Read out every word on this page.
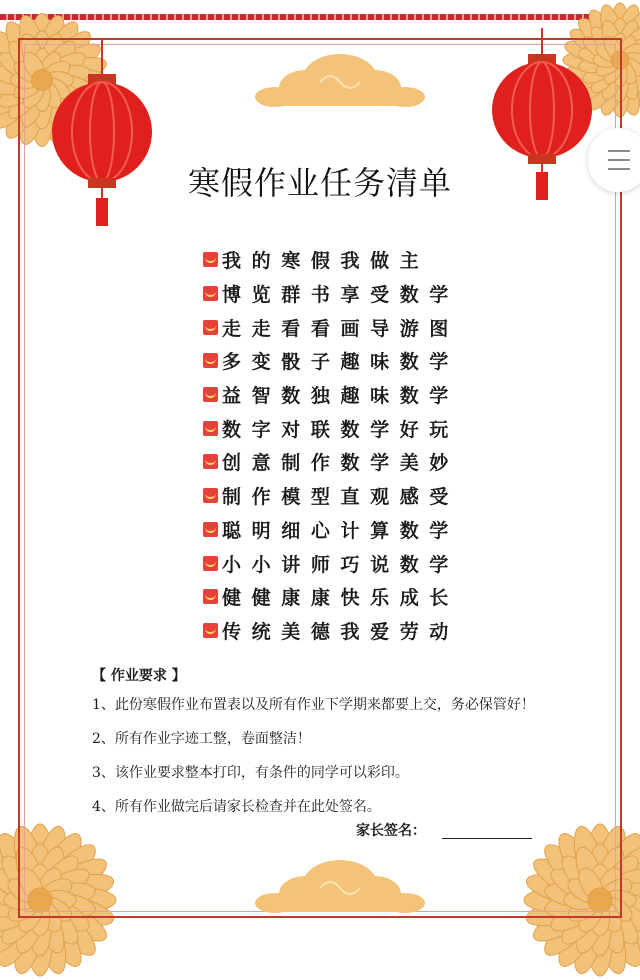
寒假作业任务清单
我 的 寒 假 我 做 主
博 览 群 书 享 受 数 学
走 走 看 看 画 导 游 图
多 变 骰 子 趣 味 数 学
益 智 数 独 趣 味 数 学
数 字 对 联 数 学 好 玩
创 意 制 作 数 学 美 妙
制 作 模 型 直 观 感 受
聪 明 细 心 计 算 数 学
小 小 讲 师 巧 说 数 学
健 健 康 康 快 乐 成 长
传 统 美 德 我 爱 劳 动
【 作业要求 】
1、此份寒假作业布置表以及所有作业下学期来都要上交，务必保管好！
2、所有作业字迹工整，卷面整洁！
3、该作业要求整本打印，有条件的同学可以彩印。
4、所有作业做完后请家长检查并在此处签名。
家长签名：
